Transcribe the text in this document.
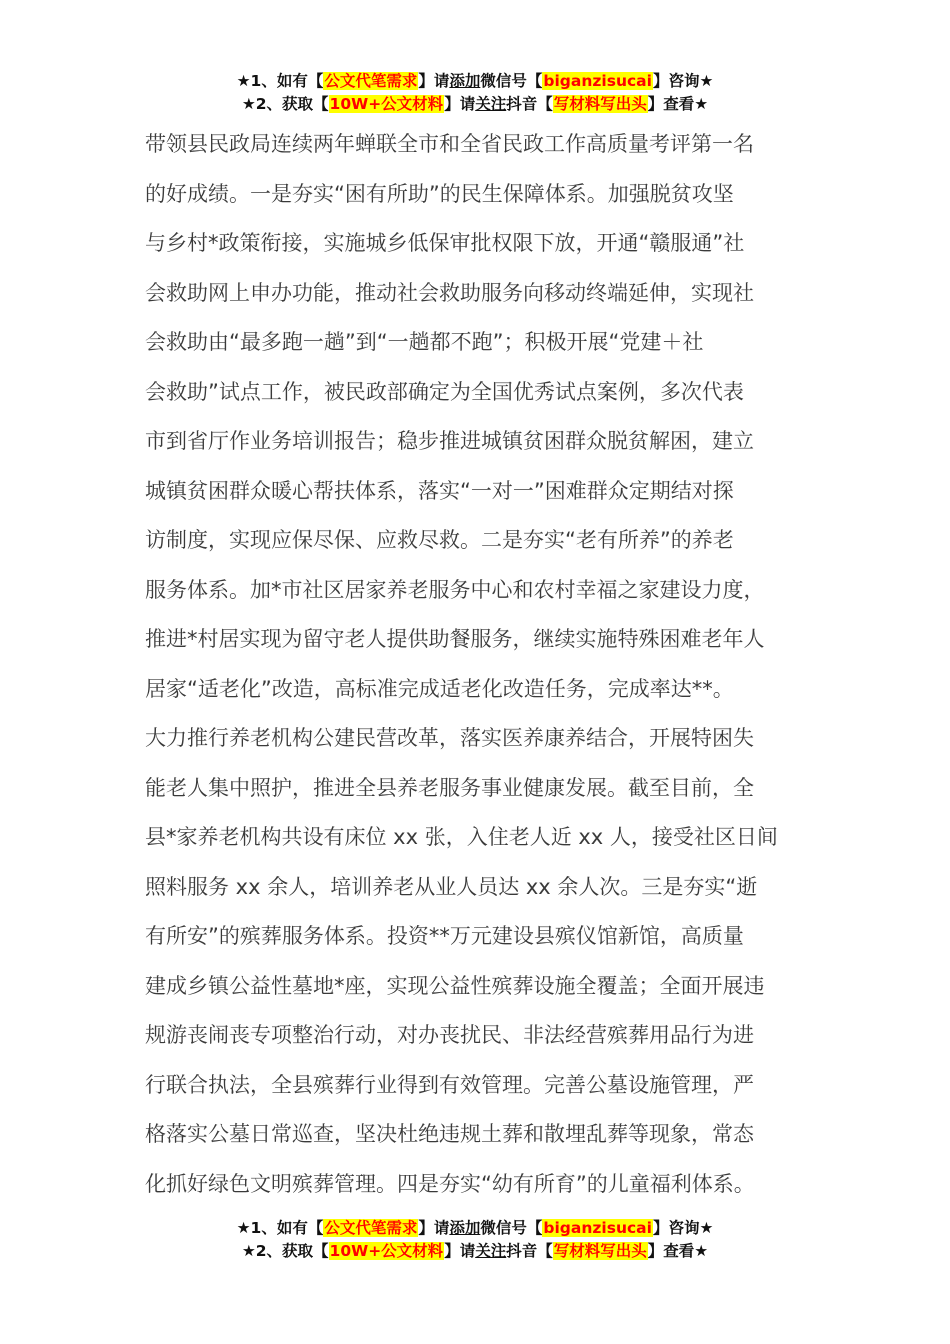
★1、如有【公文代笔需求】请添加微信号【biganzisucai】咨询★
★2、获取【10W+公文材料】请关注抖音【写材料写出头】查看★
带领县民政局连续两年蝉联全市和全省民政工作高质量考评第一名
的好成绩。一是夯实“困有所助”的民生保障体系。加强脱贫攻坚
与乡村*政策衔接，实施城乡低保审批权限下放，开通“赣服通”社
会救助网上申办功能，推动社会救助服务向移动终端延伸，实现社
会救助由“最多跑一趟”到“一趟都不跑”；积极开展“党建＋社
会救助”试点工作，被民政部确定为全国优秀试点案例，多次代表
市到省厅作业务培训报告；稳步推进城镇贫困群众脱贫解困，建立
城镇贫困群众暖心帮扶体系，落实“一对一”困难群众定期结对探
访制度，实现应保尽保、应救尽救。二是夯实“老有所养”的养老
服务体系。加*市社区居家养老服务中心和农村幸福之家建设力度，
推进*村居实现为留守老人提供助餐服务，继续实施特殊困难老年人
居家“适老化”改造，高标准完成适老化改造任务，完成率达**。
大力推行养老机构公建民营改革，落实医养康养结合，开展特困失
能老人集中照护，推进全县养老服务事业健康发展。截至目前，全
县*家养老机构共设有床位 xx 张，入住老人近 xx 人，接受社区日间
照料服务 xx 余人，培训养老从业人员达 xx 余人次。三是夯实“逝
有所安”的殡葬服务体系。投资**万元建设县殡仪馆新馆，高质量
建成乡镇公益性墓地*座，实现公益性殡葬设施全覆盖；全面开展违
规游丧闹丧专项整治行动，对办丧扰民、非法经营殡葬用品行为进
行联合执法，全县殡葬行业得到有效管理。完善公墓设施管理，严
格落实公墓日常巡查，坚决杜绝违规土葬和散埋乱葬等现象，常态
化抓好绿色文明殡葬管理。四是夯实“幼有所育”的儿童福利体系。
★1、如有【公文代笔需求】请添加微信号【biganzisucai】咨询★
★2、获取【10W+公文材料】请关注抖音【写材料写出头】查看★
